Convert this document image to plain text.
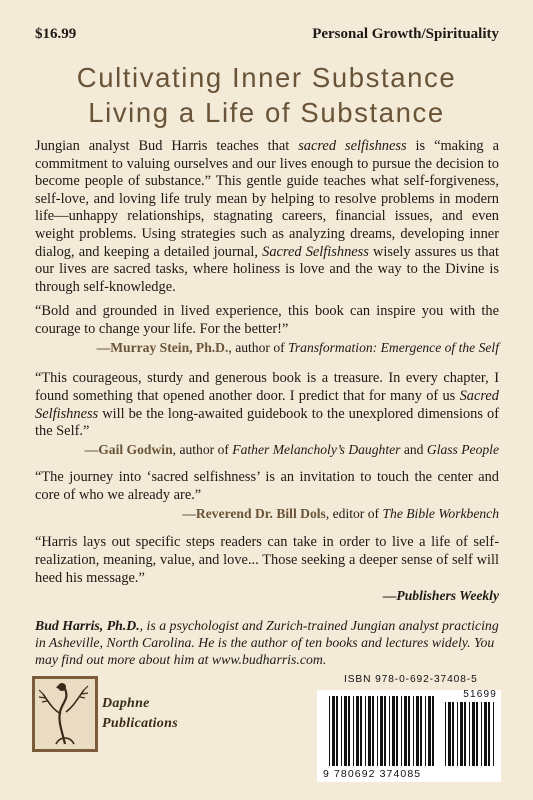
$16.99	Personal Growth/Spirituality
Cultivating Inner Substance
Living a Life of Substance
Jungian analyst Bud Harris teaches that sacred selfishness is “making a commitment to valuing ourselves and our lives enough to pursue the decision to become people of substance.” This gentle guide teaches what self-forgiveness, self-love, and loving life truly mean by helping to resolve problems in modern life—unhappy relationships, stagnating careers, financial issues, and even weight problems. Using strategies such as analyzing dreams, developing inner dialog, and keeping a detailed journal, Sacred Selfishness wisely assures us that our lives are sacred tasks, where holiness is love and the way to the Divine is through self-knowledge.
“Bold and grounded in lived experience, this book can inspire you with the courage to change your life. For the better!”
—Murray Stein, Ph.D., author of Transformation: Emergence of the Self
“This courageous, sturdy and generous book is a treasure. In every chapter, I found something that opened another door. I predict that for many of us Sacred Selfishness will be the long-awaited guidebook to the unexplored dimensions of the Self.”
—Gail Godwin, author of Father Melancholy’s Daughter and Glass People
“The journey into ‘sacred selfishness’ is an invitation to touch the center and core of who we already are.”
—Reverend Dr. Bill Dols, editor of The Bible Workbench
“Harris lays out specific steps readers can take in order to live a life of self-realization, meaning, value, and love... Those seeking a deeper sense of self will heed his message.”
—Publishers Weekly
Bud Harris, Ph.D., is a psychologist and Zurich-trained Jungian analyst practicing in Asheville, North Carolina. He is the author of ten books and lectures widely. You may find out more about him at www.budharris.com.
Daphne
Publications
ISBN 978-0-692-37408-5
51699
9 780692 374085
